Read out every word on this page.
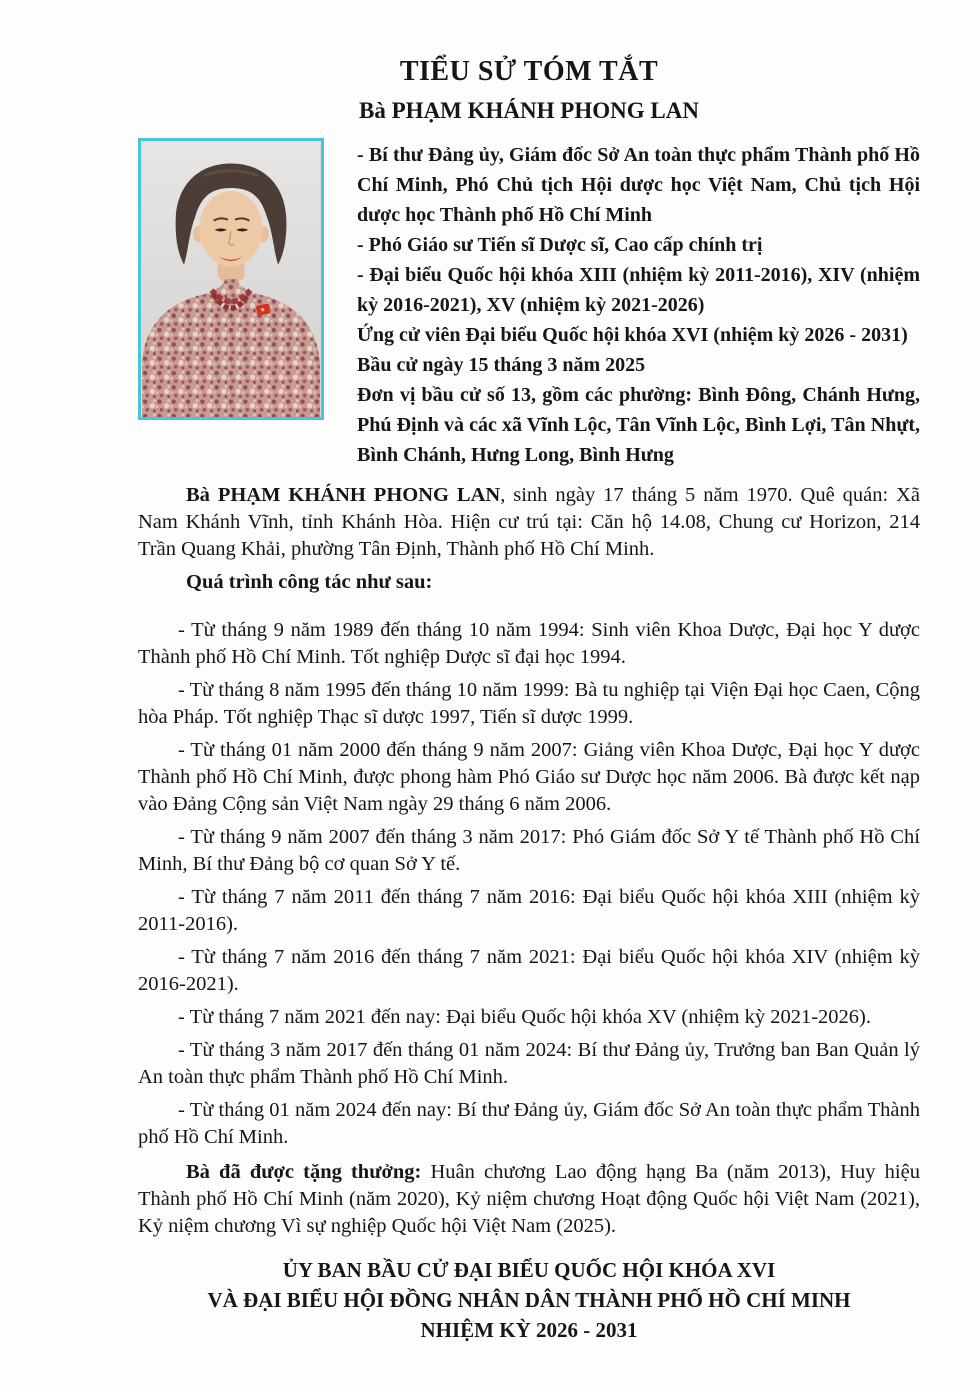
TIỂU SỬ TÓM TẮT
Bà PHẠM KHÁNH PHONG LAN

- Bí thư Đảng ủy, Giám đốc Sở An toàn thực phẩm Thành phố Hồ Chí Minh, Phó Chủ tịch Hội dược học Việt Nam, Chủ tịch Hội dược học Thành phố Hồ Chí Minh

- Phó Giáo sư Tiến sĩ Dược sĩ, Cao cấp chính trị

- Đại biểu Quốc hội khóa XIII (nhiệm kỳ 2011-2016), XIV (nhiệm kỳ 2016-2021), XV (nhiệm kỳ 2021-2026)

Ứng cử viên Đại biểu Quốc hội khóa XVI (nhiệm kỳ 2026 - 2031)

Bầu cử ngày 15 tháng 3 năm 2025

Đơn vị bầu cử số 13, gồm các phường: Bình Đông, Chánh Hưng, Phú Định và các xã Vĩnh Lộc, Tân Vĩnh Lộc, Bình Lợi, Tân Nhựt, Bình Chánh, Hưng Long, Bình Hưng

Bà PHẠM KHÁNH PHONG LAN, sinh ngày 17 tháng 5 năm 1970. Quê quán: Xã Nam Khánh Vĩnh, tỉnh Khánh Hòa. Hiện cư trú tại: Căn hộ 14.08, Chung cư Horizon, 214 Trần Quang Khải, phường Tân Định, Thành phố Hồ Chí Minh.

Quá trình công tác như sau:

- Từ tháng 9 năm 1989 đến tháng 10 năm 1994: Sinh viên Khoa Dược, Đại học Y dược Thành phố Hồ Chí Minh. Tốt nghiệp Dược sĩ đại học 1994.

- Từ tháng 8 năm 1995 đến tháng 10 năm 1999: Bà tu nghiệp tại Viện Đại học Caen, Cộng hòa Pháp. Tốt nghiệp Thạc sĩ dược 1997, Tiến sĩ dược 1999.

- Từ tháng 01 năm 2000 đến tháng 9 năm 2007: Giảng viên Khoa Dược, Đại học Y dược Thành phố Hồ Chí Minh, được phong hàm Phó Giáo sư Dược học năm 2006. Bà được kết nạp vào Đảng Cộng sản Việt Nam ngày 29 tháng 6 năm 2006.

- Từ tháng 9 năm 2007 đến tháng 3 năm 2017: Phó Giám đốc Sở Y tế Thành phố Hồ Chí Minh, Bí thư Đảng bộ cơ quan Sở Y tế.

- Từ tháng 7 năm 2011 đến tháng 7 năm 2016: Đại biểu Quốc hội khóa XIII (nhiệm kỳ 2011-2016).

- Từ tháng 7 năm 2016 đến tháng 7 năm 2021: Đại biểu Quốc hội khóa XIV (nhiệm kỳ 2016-2021).

- Từ tháng 7 năm 2021 đến nay: Đại biểu Quốc hội khóa XV (nhiệm kỳ 2021-2026).

- Từ tháng 3 năm 2017 đến tháng 01 năm 2024: Bí thư Đảng ủy, Trưởng ban Ban Quản lý An toàn thực phẩm Thành phố Hồ Chí Minh.

- Từ tháng 01 năm 2024 đến nay: Bí thư Đảng ủy, Giám đốc Sở An toàn thực phẩm Thành phố Hồ Chí Minh.

Bà đã được tặng thưởng: Huân chương Lao động hạng Ba (năm 2013), Huy hiệu Thành phố Hồ Chí Minh (năm 2020), Kỷ niệm chương Hoạt động Quốc hội Việt Nam (2021), Kỷ niệm chương Vì sự nghiệp Quốc hội Việt Nam (2025).

ỦY BAN BẦU CỬ ĐẠI BIỂU QUỐC HỘI KHÓA XVI
VÀ ĐẠI BIỂU HỘI ĐỒNG NHÂN DÂN THÀNH PHỐ HỒ CHÍ MINH
NHIỆM KỲ 2026 - 2031
